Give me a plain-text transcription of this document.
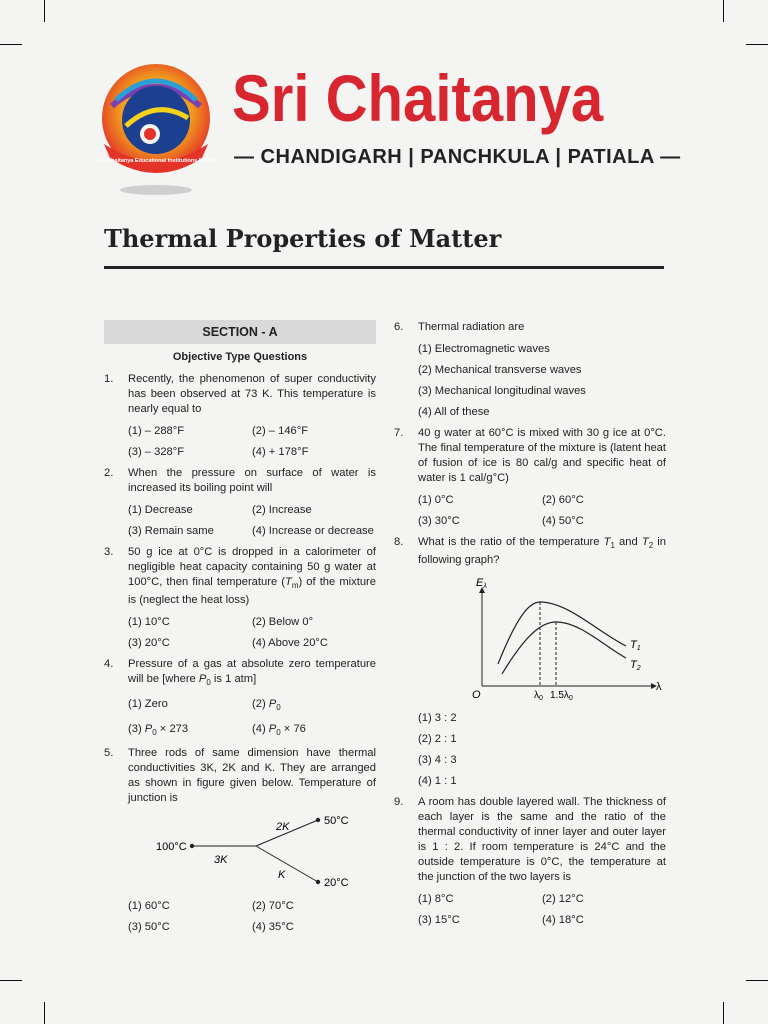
Sri Chaitanya Educational Institutions INDIA
Sri Chaitanya
— CHANDIGARH | PANCHKULA | PATIALA —
Thermal Properties of Matter
SECTION - A
Objective Type Questions
1. Recently, the phenomenon of super conductivity has been observed at 73 K. This temperature is nearly equal to
(1) – 288°F	(2) – 146°F
(3) – 328°F	(4) + 178°F
2. When the pressure on surface of water is increased its boiling point will
(1) Decrease	(2) Increase
(3) Remain same	(4) Increase or decrease
3. 50 g ice at 0°C is dropped in a calorimeter of negligible heat capacity containing 50 g water at 100°C, then final temperature $(T_m)$ of the mixture is (neglect the heat loss)
(1) 10°C	(2) Below 0°
(3) 20°C	(4) Above 20°C
4. Pressure of a gas at absolute zero temperature will be [where $P_0$ is 1 atm]
(1) Zero	(2) $P_0$
(3) $P_0 \times 273$	(4) $P_0 \times 76$
5. Three rods of same dimension have thermal conductivities 3K, 2K and K. They are arranged as shown in figure given below. Temperature of junction is
100°C
50°C
20°C
3K
2K
K
(1) 60°C	(2) 70°C
(3) 50°C	(4) 35°C
6. Thermal radiation are
(1) Electromagnetic waves
(2) Mechanical transverse waves
(3) Mechanical longitudinal waves
(4) All of these
7. 40 g water at 60°C is mixed with 30 g ice at 0°C. The final temperature of the mixture is (latent heat of fusion of ice is 80 cal/g and specific heat of water is 1 cal/g°C)
(1) 0°C	(2) 60°C
(3) 30°C	(4) 50°C
8. What is the ratio of the temperature $T_1$ and $T_2$ in following graph?
Eλ
λ
O
T1
T2
$\lambda_0$ $1.5\lambda_0$
(1) 3 : 2
(2) 2 : 1
(3) 4 : 3
(4) 1 : 1
9. A room has double layered wall. The thickness of each layer is the same and the ratio of the thermal conductivity of inner layer and outer layer is 1 : 2. If room temperature is 24°C and the outside temperature is 0°C, the temperature at the junction of the two layers is
(1) 8°C	(2) 12°C
(3) 15°C	(4) 18°C
